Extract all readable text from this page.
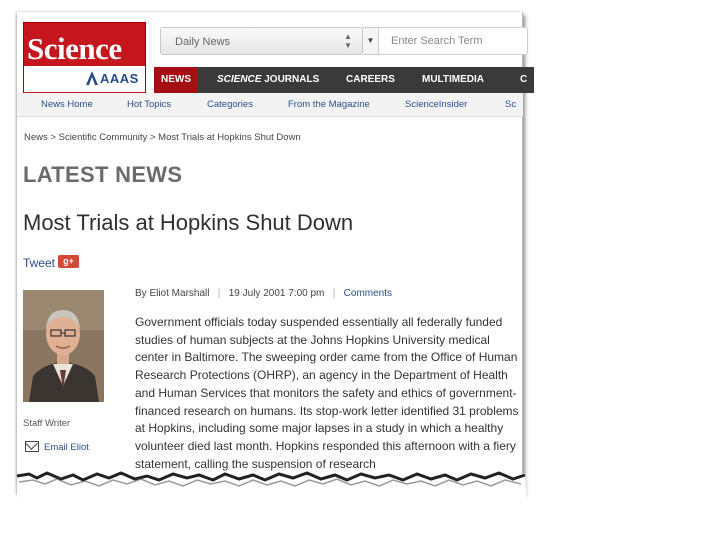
Science
AAAS
Daily News	▲
▼
▼
Enter Search Term
NEWS	SCIENCE JOURNALS	CAREERS	MULTIMEDIA	C
News Home	Hot Topics	Categories	From the Magazine	ScienceInsider	Sc
News > Scientific Community > Most Trials at Hopkins Shut Down
LATEST NEWS
Most Trials at Hopkins Shut Down
Tweet g+
Staff Writer
Email Eliot
By Eliot Marshall   |   19 July 2001 7:00 pm   |   Comments
Government officials today suspended essentially all federally funded studies of human subjects at the Johns Hopkins University medical center in Baltimore. The sweeping order came from the Office of Human Research Protections (OHRP), an agency in the Department of Health and Human Services that monitors the safety and ethics of government-financed research on humans. Its stop-work letter identified 31 problems at Hopkins, including some major lapses in a study in which a healthy volunteer died last month. Hopkins responded this afternoon with a fiery statement, calling the suspension of research
